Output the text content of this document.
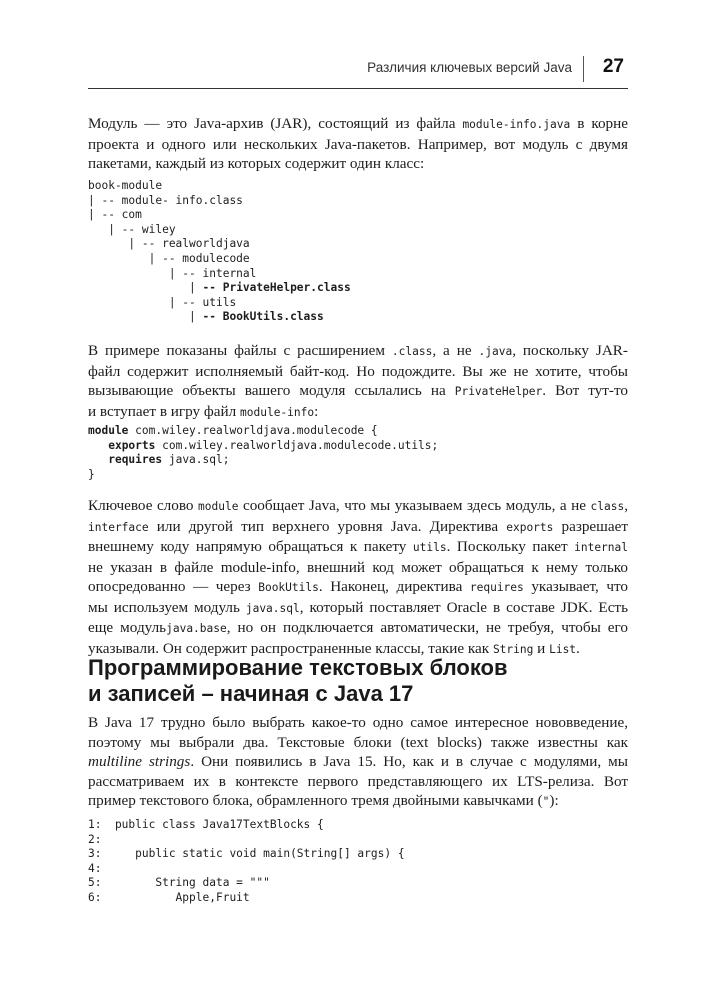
Различия ключевых версий Java 27

Модуль — это Java-архив (JAR), состоящий из файла module-info.java в корне
проекта и одного или нескольких Java-пакетов. Например, вот модуль с двумя
пакетами, каждый из которых содержит один класс:

book-module
| -- module- info.class
| -- com
| -- wiley
| -- realworldjava
| -- modulecode
| -- internal
| -- PrivateHelper.class
| -- utils
| -- BookUtils.class

В примере показаны файлы с расширением .class, а не .java, поскольку JAR-
файл содержит исполняемый байт-код. Но подождите. Вы же не хотите, чтобы
вызывающие объекты вашего модуля ссылались на PrivateHelper. Вот тут-то
и вступает в игру файл module-info:

module com.wiley.realworldjava.modulecode {
exports com.wiley.realworldjava.modulecode.utils;
requires java.sql;
}

Ключевое слово module сообщает Java, что мы указываем здесь модуль, а не class,
interface или другой тип верхнего уровня Java. Директива exports разрешает
внешнему коду напрямую обращаться к пакету utils. Поскольку пакет internal
не указан в файле module-info, внешний код может обращаться к нему только
опосредованно — через BookUtils. Наконец, директива requires указывает, что
мы используем модуль java.sql, который поставляет Oracle в составе JDK. Есть
еще модульjava.base, но он подключается автоматически, не требуя, чтобы его
указывали. Он содержит распространенные классы, такие как String и List.

Программирование текстовых блоков
и записей – начиная с Java 17

В Java 17 трудно было выбрать какое-то одно самое интересное нововведение,
поэтому мы выбрали два. Текстовые блоки (text blocks) также известны как
multiline strings. Они появились в Java 15. Но, как и в случае с модулями, мы
рассматриваем их в контексте первого представляющего их LTS-релиза. Вот
пример текстового блока, обрамленного тремя двойными кавычками ("):

1:  public class Java17TextBlocks {
2:
3:     public static void main(String[] args) {
4:
5:        String data = """
6:           Apple,Fruit
